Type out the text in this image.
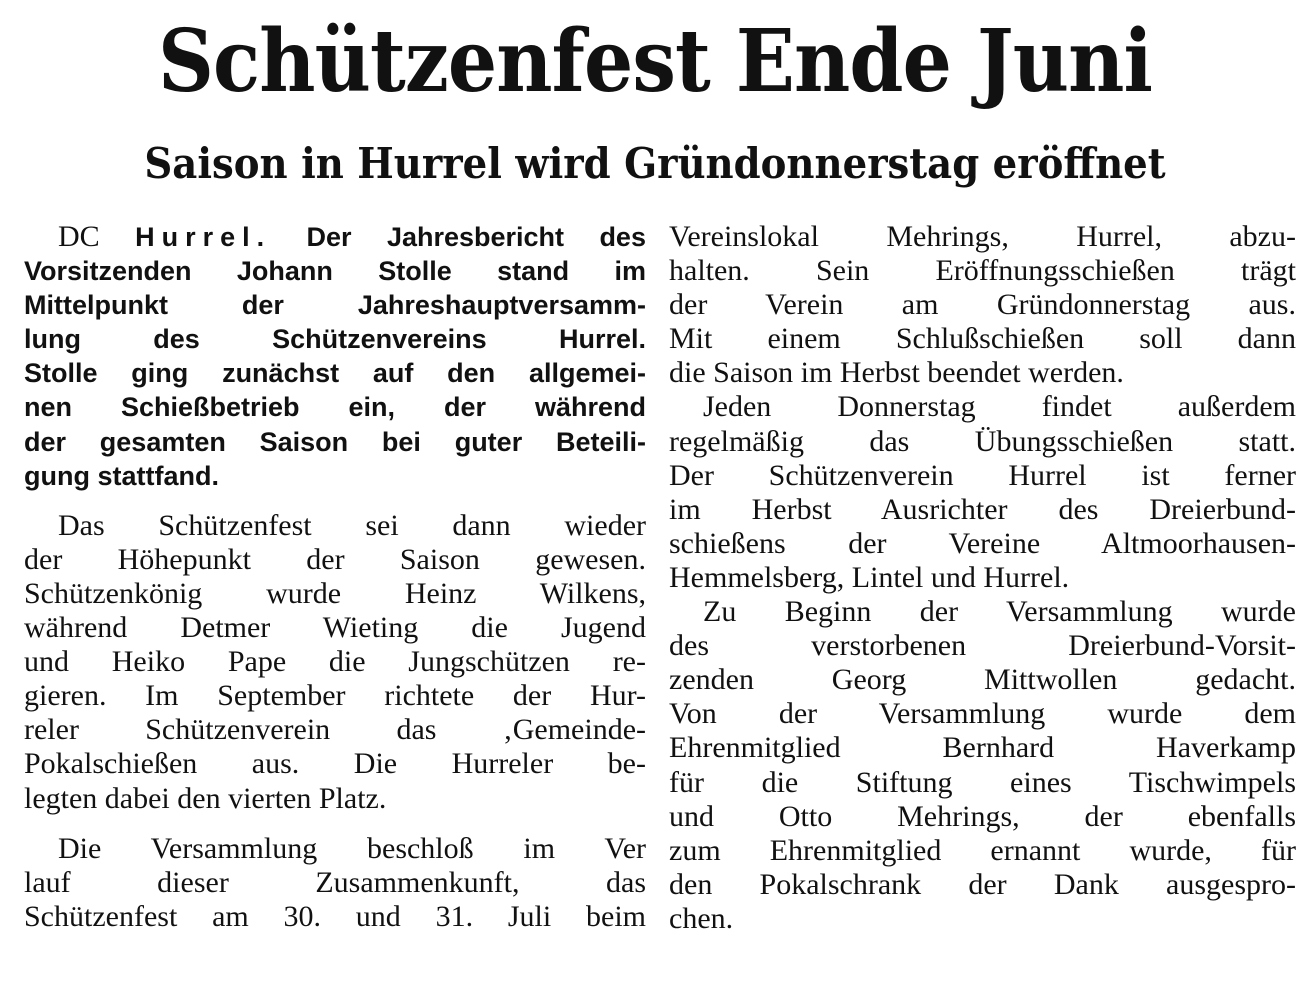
Schützenfest Ende Juni
Saison in Hurrel wird Gründonnerstag eröffnet
DC Hurrel. Der Jahresbericht des
Vorsitzenden Johann Stolle stand im
Mittelpunkt der Jahreshauptversamm-
lung des Schützenvereins Hurrel.
Stolle ging zunächst auf den allgemei-
nen Schießbetrieb ein, der während
der gesamten Saison bei guter Beteili-
gung stattfand.
Das Schützenfest sei dann wieder
der Höhepunkt der Saison gewesen.
Schützenkönig wurde Heinz Wilkens,
während Detmer Wieting die Jugend
und Heiko Pape die Jungschützen re-
gieren. Im September richtete der Hur-
reler Schützenverein das ‚Gemeinde-
Pokalschießen aus. Die Hurreler be-
legten dabei den vierten Platz.
Die Versammlung beschloß im Ver
lauf dieser Zusammenkunft, das
Schützenfest am 30. und 31. Juli beim
Vereinslokal Mehrings, Hurrel, abzu-
halten. Sein Eröffnungsschießen trägt
der Verein am Gründonnerstag aus.
Mit einem Schlußschießen soll dann
die Saison im Herbst beendet werden.
Jeden Donnerstag findet außerdem
regelmäßig das Übungsschießen statt.
Der Schützenverein Hurrel ist ferner
im Herbst Ausrichter des Dreierbund-
schießens der Vereine Altmoorhausen-
Hemmelsberg, Lintel und Hurrel.
Zu Beginn der Versammlung wurde
des verstorbenen Dreierbund-Vorsit-
zenden Georg Mittwollen gedacht.
Von der Versammlung wurde dem
Ehrenmitglied Bernhard Haverkamp
für die Stiftung eines Tischwimpels
und Otto Mehrings, der ebenfalls
zum Ehrenmitglied ernannt wurde, für
den Pokalschrank der Dank ausgespro-
chen.
